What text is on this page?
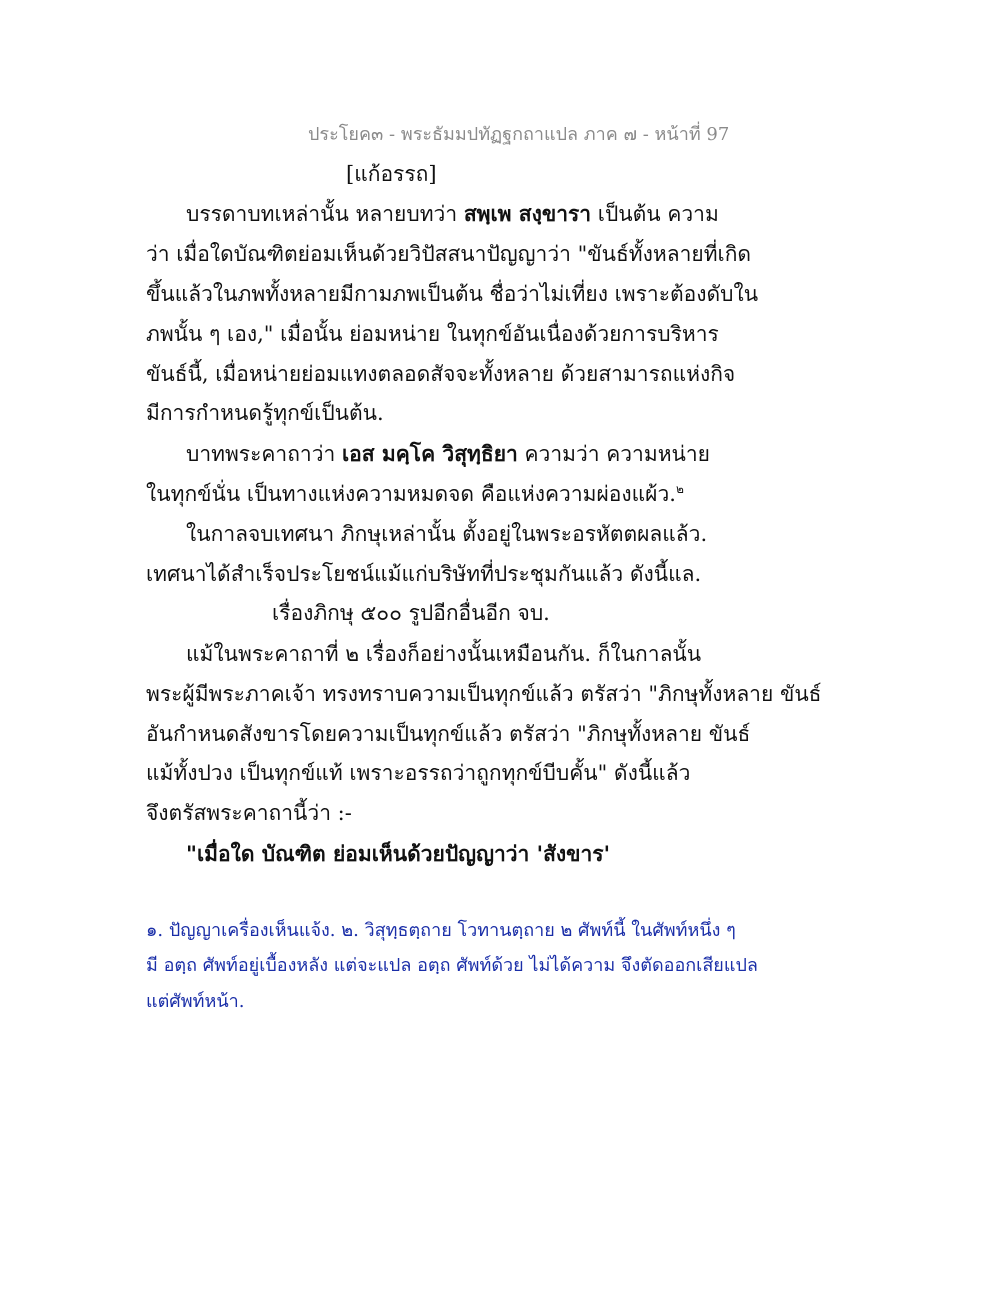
ประโยค๓ - พระธัมมปทัฏฐกถาแปล ภาค ๗ - หน้าที่ 97

[แก้อรรถ]

บรรดาบทเหล่านั้น หลายบทว่า สพฺเพ สงฺขารา เป็นต้น ความ

ว่า เมื่อใดบัณฑิตย่อมเห็นด้วยวิปัสสนาปัญญาว่า "ขันธ์ทั้งหลายที่เกิด

ขึ้นแล้วในภพทั้งหลายมีกามภพเป็นต้น ชื่อว่าไม่เที่ยง เพราะต้องดับใน

ภพนั้น ๆ เอง," เมื่อนั้น ย่อมหน่าย ในทุกข์อันเนื่องด้วยการบริหาร

ขันธ์นี้, เมื่อหน่ายย่อมแทงตลอดสัจจะทั้งหลาย ด้วยสามารถแห่งกิจ

มีการกำหนดรู้ทุกข์เป็นต้น.

บาทพระคาถาว่า เอส มคฺโค วิสุทฺธิยา ความว่า ความหน่าย

ในทุกข์นั่น เป็นทางแห่งความหมดจด คือแห่งความผ่องแผ้ว.$^๒$

ในกาลจบเทศนา ภิกษุเหล่านั้น ตั้งอยู่ในพระอรหัตตผลแล้ว.

เทศนาได้สำเร็จประโยชน์แม้แก่บริษัทที่ประชุมกันแล้ว ดังนี้แล.

เรื่องภิกษุ ๕๐๐ รูปอีกอื่นอีก จบ.

แม้ในพระคาถาที่ ๒ เรื่องก็อย่างนั้นเหมือนกัน. ก็ในกาลนั้น

พระผู้มีพระภาคเจ้า ทรงทราบความเป็นทุกข์แล้ว ตรัสว่า "ภิกษุทั้งหลาย ขันธ์

อันกำหนดสังขารโดยความเป็นทุกข์แล้ว ตรัสว่า "ภิกษุทั้งหลาย ขันธ์

แม้ทั้งปวง เป็นทุกข์แท้ เพราะอรรถว่าถูกทุกข์บีบคั้น" ดังนี้แล้ว

จึงตรัสพระคาถานี้ว่า :-

"เมื่อใด บัณฑิต ย่อมเห็นด้วยปัญญาว่า 'สังขาร'

๑. ปัญญาเครื่องเห็นแจ้ง. ๒. วิสุทฺธตฺถาย โวทานตฺถาย ๒ ศัพท์นี้ ในศัพท์หนึ่ง ๆ

มี อตฺถ ศัพท์อยู่เบื้องหลัง แต่จะแปล อตฺถ ศัพท์ด้วย ไม่ได้ความ จึงตัดออกเสียแปล

แต่ศัพท์หน้า.
